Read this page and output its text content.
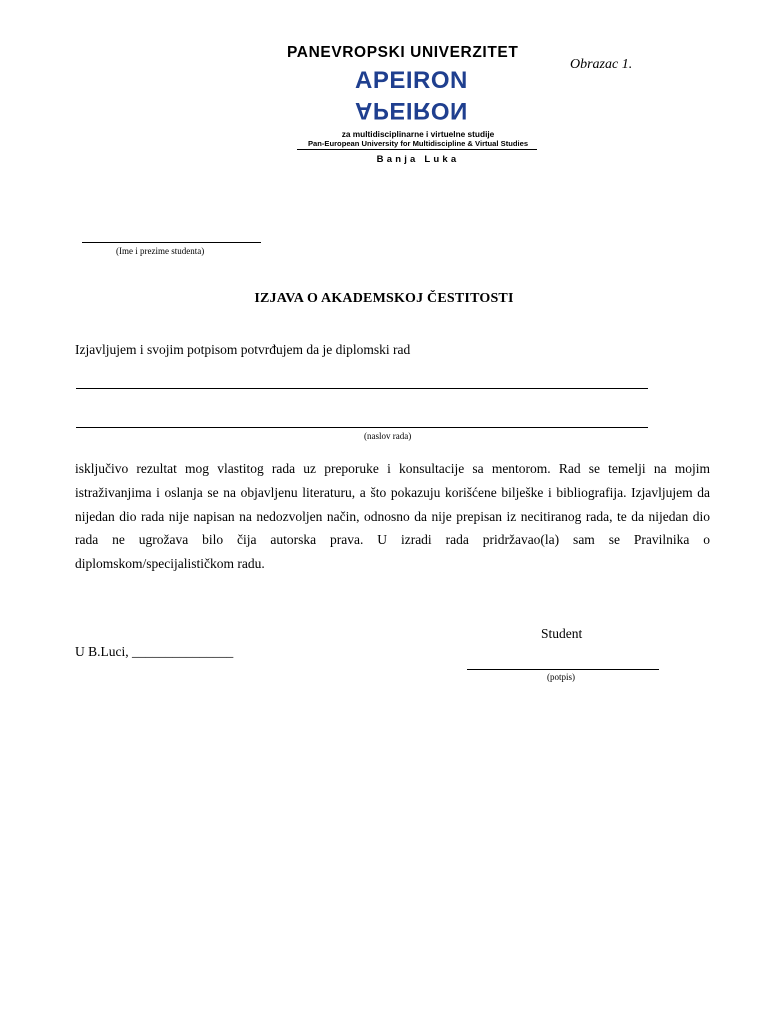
PANEVROPSKI UNIVERZITET
APEIRON
APEIRON
za multidisciplinarne i virtuelne studije
Pan-European University for Multidiscipline & Virtual Studies
Banja Luka
Obrazac 1.
(Ime i prezime studenta)
IZJAVA O AKADEMSKOJ ČESTITOSTI
Izjavljujem i svojim potpisom potvrđujem da je diplomski rad
(naslov rada)
isključivo rezultat mog vlastitog rada uz preporuke i konsultacije sa mentorom. Rad se temelji na mojim istraživanjima i oslanja se na objavljenu literaturu, a što pokazuju korišćene bilješke i bibliografija. Izjavljujem da nijedan dio rada nije napisan na nedozvoljen način, odnosno da nije prepisan iz necitiranog rada, te da nijedan dio rada ne ugrožava bilo čija autorska prava. U izradi rada pridržavao(la) sam se Pravilnika o diplomskom/specijalističkom radu.
Student
U B.Luci, _______________
(potpis)
